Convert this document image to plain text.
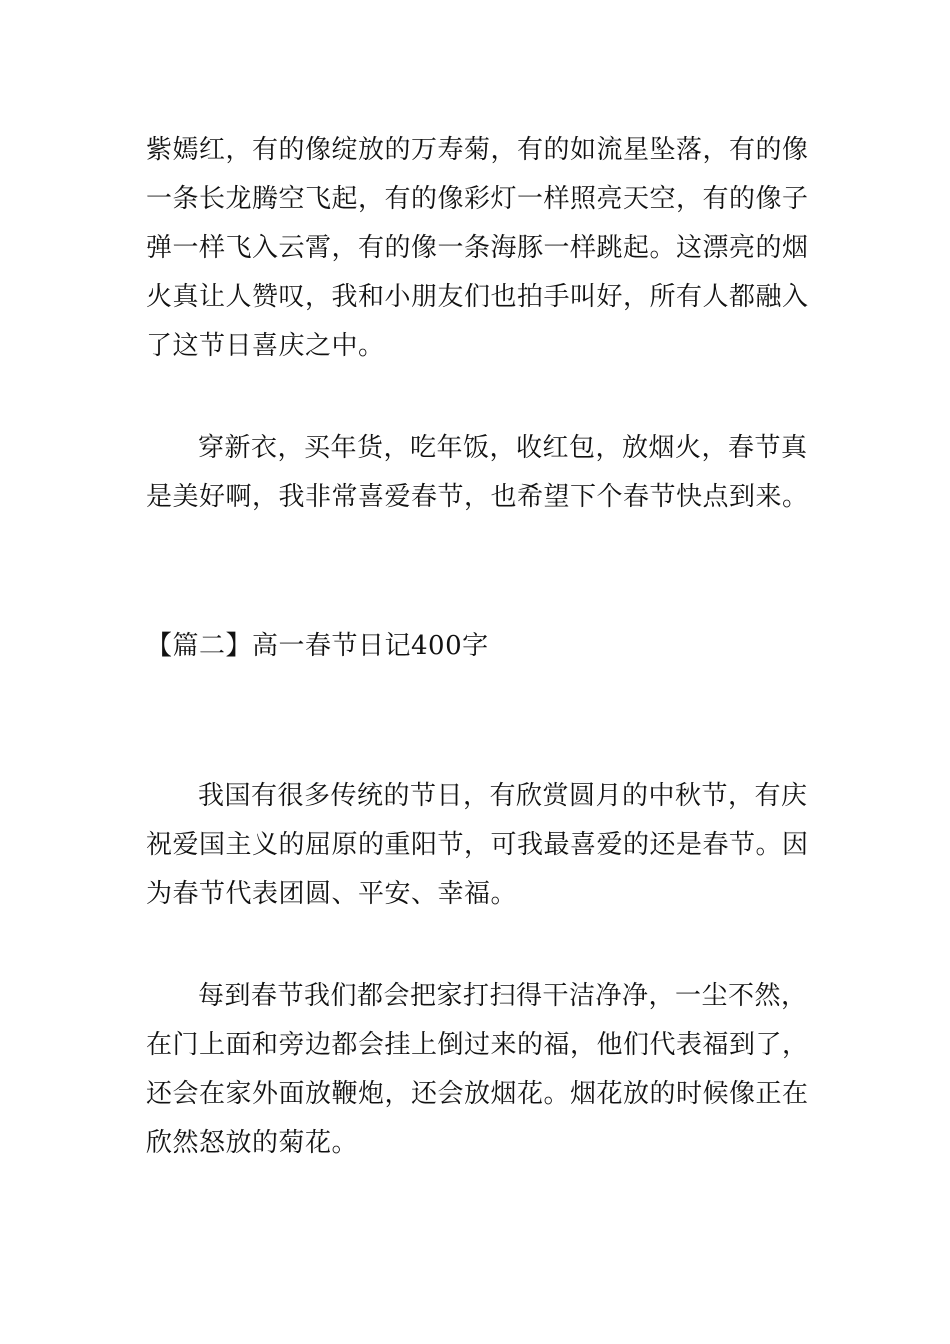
紫嫣红，有的像绽放的万寿菊，有的如流星坠落，有的像
一条长龙腾空飞起，有的像彩灯一样照亮天空，有的像子
弹一样飞入云霄，有的像一条海豚一样跳起。这漂亮的烟
火真让人赞叹，我和小朋友们也拍手叫好，所有人都融入
了这节日喜庆之中。
穿新衣，买年货，吃年饭，收红包，放烟火，春节真
是美好啊，我非常喜爱春节，也希望下个春节快点到来。
【篇二】高一春节日记400字
我国有很多传统的节日，有欣赏圆月的中秋节，有庆
祝爱国主义的屈原的重阳节，可我最喜爱的还是春节。因
为春节代表团圆、平安、幸福。
每到春节我们都会把家打扫得干洁净净，一尘不然，
在门上面和旁边都会挂上倒过来的福，他们代表福到了，
还会在家外面放鞭炮，还会放烟花。烟花放的时候像正在
欣然怒放的菊花。
